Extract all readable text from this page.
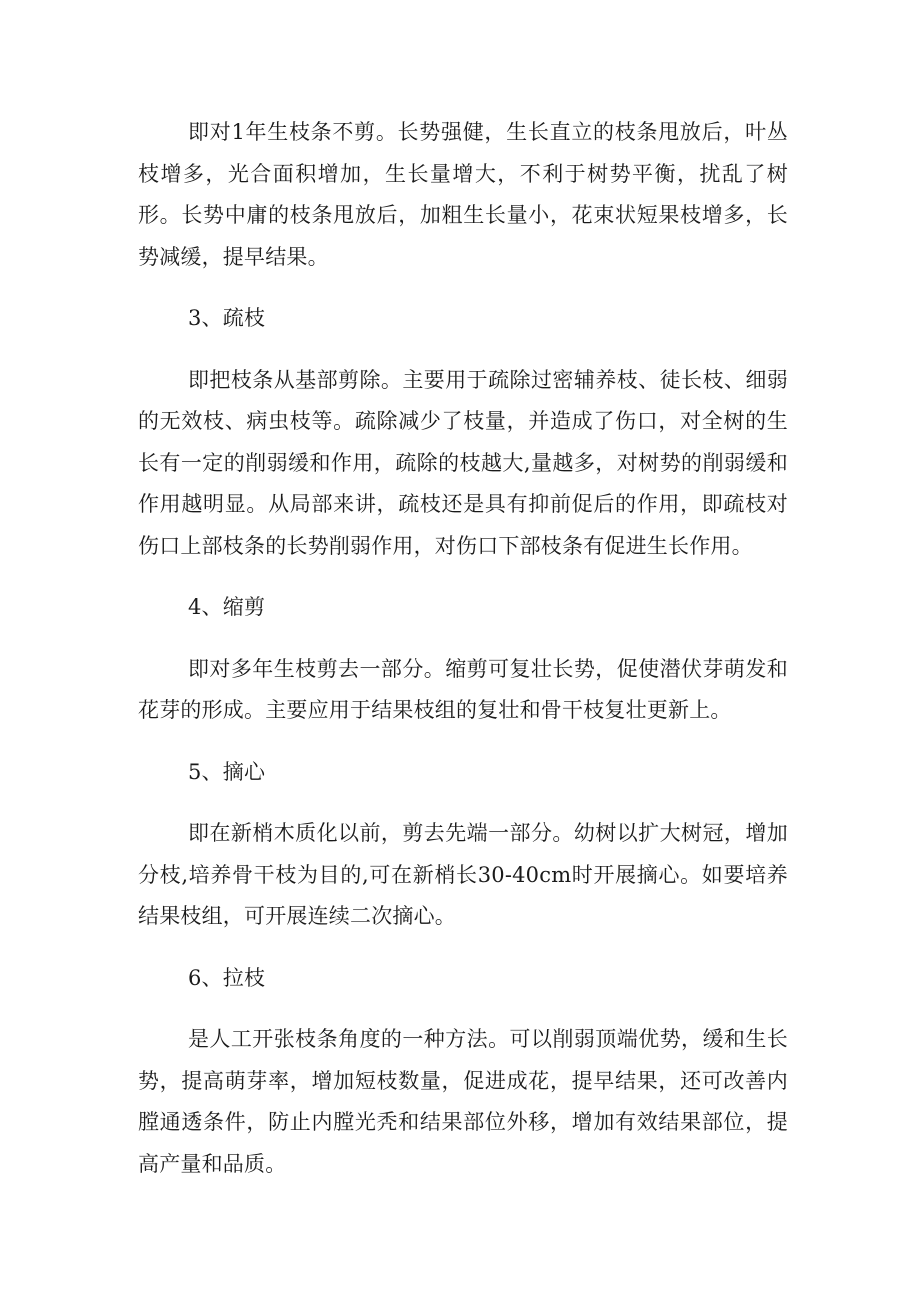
即对1年生枝条不剪。长势强健，生长直立的枝条甩放后，叶丛枝增多，光合面积增加，生长量增大，不利于树势平衡，扰乱了树形。长势中庸的枝条甩放后，加粗生长量小，花束状短果枝增多，长势减缓，提早结果。

3、疏枝

即把枝条从基部剪除。主要用于疏除过密辅养枝、徒长枝、细弱的无效枝、病虫枝等。疏除减少了枝量，并造成了伤口，对全树的生长有一定的削弱缓和作用，疏除的枝越大,量越多，对树势的削弱缓和作用越明显。从局部来讲，疏枝还是具有抑前促后的作用，即疏枝对伤口上部枝条的长势削弱作用，对伤口下部枝条有促进生长作用。

4、缩剪

即对多年生枝剪去一部分。缩剪可复壮长势，促使潜伏芽萌发和花芽的形成。主要应用于结果枝组的复壮和骨干枝复壮更新上。

5、摘心

即在新梢木质化以前，剪去先端一部分。幼树以扩大树冠，增加分枝,培养骨干枝为目的,可在新梢长30-40cm时开展摘心。如要培养结果枝组，可开展连续二次摘心。

6、拉枝

是人工开张枝条角度的一种方法。可以削弱顶端优势，缓和生长势，提高萌芽率，增加短枝数量，促进成花，提早结果，还可改善内膛通透条件，防止内膛光秃和结果部位外移，增加有效结果部位，提高产量和品质。
